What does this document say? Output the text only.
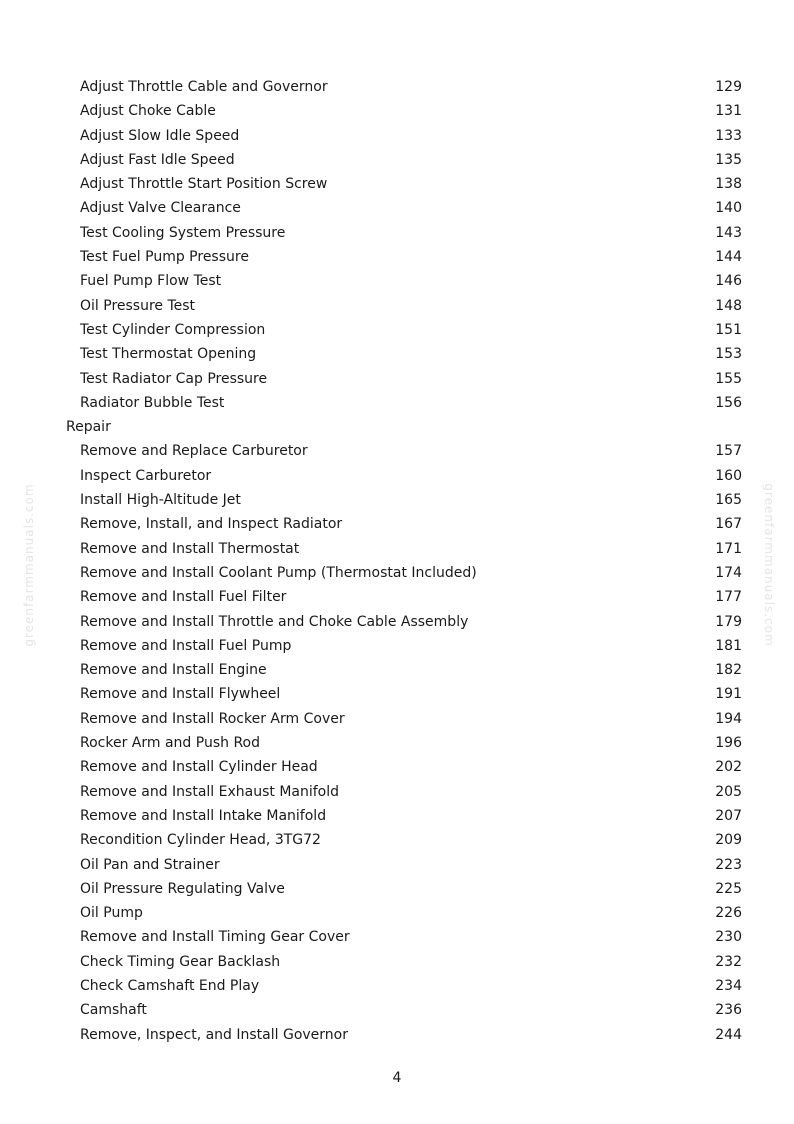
Adjust Throttle Cable and Governor	129
Adjust Choke Cable	131
Adjust Slow Idle Speed	133
Adjust Fast Idle Speed	135
Adjust Throttle Start Position Screw	138
Adjust Valve Clearance	140
Test Cooling System Pressure	143
Test Fuel Pump Pressure	144
Fuel Pump Flow Test	146
Oil Pressure Test	148
Test Cylinder Compression	151
Test Thermostat Opening	153
Test Radiator Cap Pressure	155
Radiator Bubble Test	156
Repair
Remove and Replace Carburetor	157
Inspect Carburetor	160
Install High-Altitude Jet	165
Remove, Install, and Inspect Radiator	167
Remove and Install Thermostat	171
Remove and Install Coolant Pump (Thermostat Included)	174
Remove and Install Fuel Filter	177
Remove and Install Throttle and Choke Cable Assembly	179
Remove and Install Fuel Pump	181
Remove and Install Engine	182
Remove and Install Flywheel	191
Remove and Install Rocker Arm Cover	194
Rocker Arm and Push Rod	196
Remove and Install Cylinder Head	202
Remove and Install Exhaust Manifold	205
Remove and Install Intake Manifold	207
Recondition Cylinder Head, 3TG72	209
Oil Pan and Strainer	223
Oil Pressure Regulating Valve	225
Oil Pump	226
Remove and Install Timing Gear Cover	230
Check Timing Gear Backlash	232
Check Camshaft End Play	234
Camshaft	236
Remove, Inspect, and Install Governor	244
4
greenfarmmanuals.com	greenfarmmanuals.com
